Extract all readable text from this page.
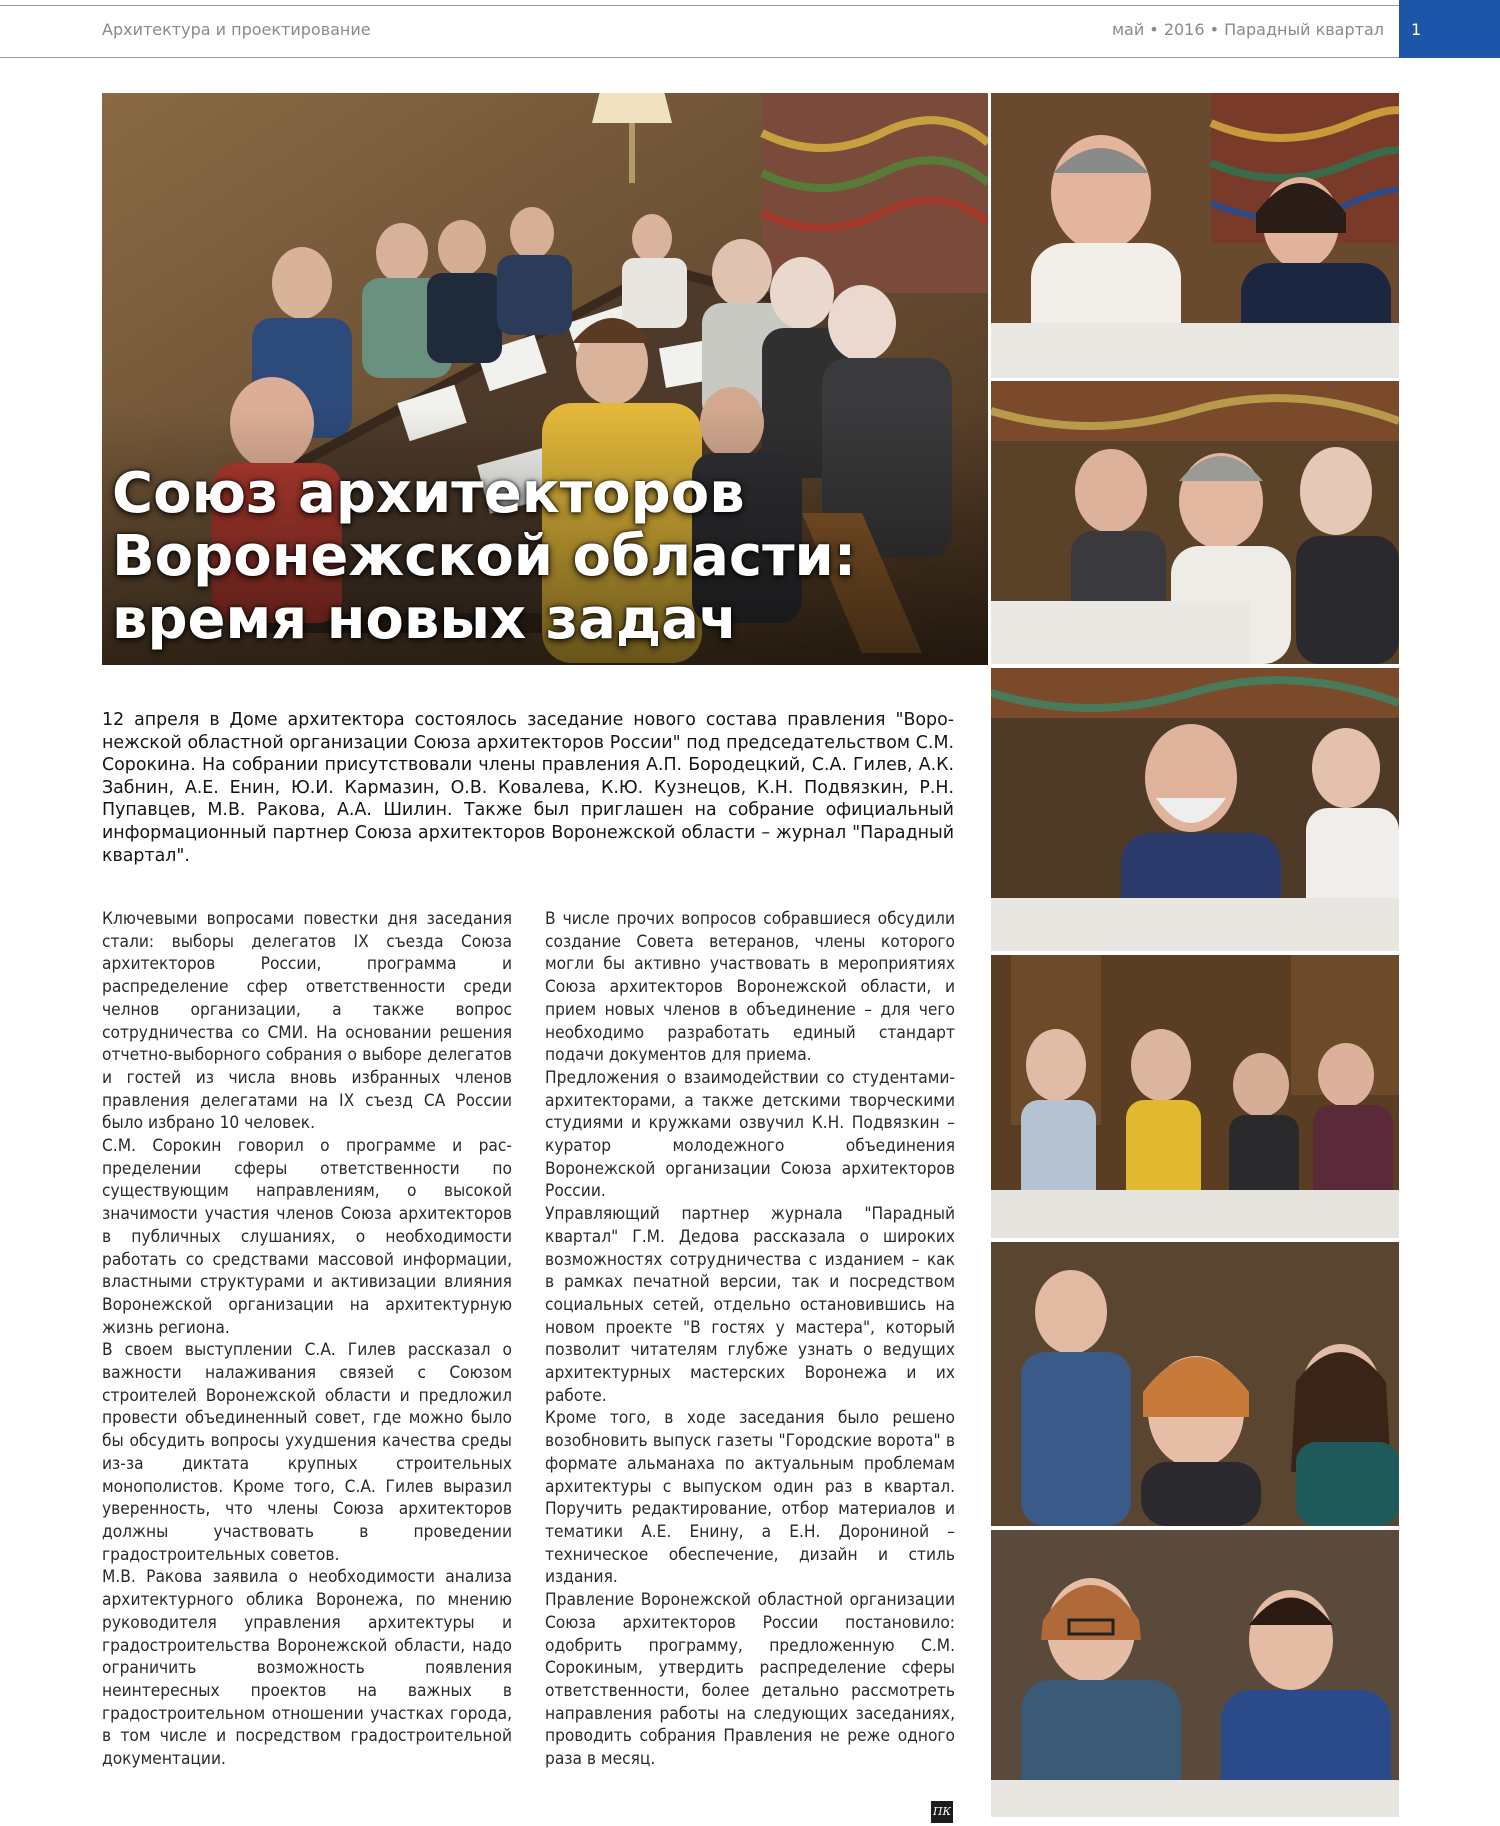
Архитектура и проектирование	май • 2016 • Парадный квартал 1
Союз архитекторов
Воронежской области:
время новых задач

12 апреля в Доме архитектора состоялось заседание нового состава правления "Воронежской областной организации Союза архитекторов России" под председательством С.М. Сорокина. На собрании присутствовали члены правления А.П. Бородецкий, С.А. Гилев, А.К. Забнин, А.Е. Енин, Ю.И. Кармазин, О.В. Ковалева, К.Ю. Кузнецов, К.Н. Подвязкин, Р.Н. Пупавцев, М.В. Ракова, А.А. Шилин. Также был приглашен на собрание официальный информационный партнер Союза архитекторов Воронежской области – журнал "Парадный квартал".

Ключевыми вопросами повестки дня заседания стали: выборы делегатов IX съезда Союза архитекторов России, программа и распределение сфер ответственности среди челнов организации, а также вопрос сотрудничества со СМИ. На основании решения отчетно-выборного собрания о выборе делегатов и гостей из числа вновь избранных членов правления делегатами на IX съезд СА России было избрано 10 человек.

С.М. Сорокин говорил о программе и распределении сферы ответственности по существующим направлениям, о высокой значимости участия членов Союза архитекторов в публичных слушаниях, о необходимости работать со средствами массовой информации, властными структурами и активизации влияния Воронежской организации на архитектурную жизнь региона.

В своем выступлении С.А. Гилев рассказал о важности налаживания связей с Союзом строителей Воронежской области и предложил провести объединенный совет, где можно было бы обсудить вопросы ухудшения качества среды из-за диктата крупных строительных монополистов. Кроме того, С.А. Гилев выразил уверенность, что члены Союза архитекторов должны участвовать в проведении градостроительных советов.

М.В. Ракова заявила о необходимости анализа архитектурного облика Воронежа, по мнению руководителя управления архитектуры и градостроительства Воронежской области, надо ограничить возможность появления неинтересных проектов на важных в градостроительном отношении участках города, в том числе и посредством градостроительной документации.

В числе прочих вопросов собравшиеся обсудили создание Совета ветеранов, члены которого могли бы активно участвовать в мероприятиях Союза архитекторов Воронежской области, и прием новых членов в объединение – для чего необходимо разработать единый стандарт подачи документов для приема.

Предложения о взаимодействии со студентами-архитекторами, а также детскими творческими студиями и кружками озвучил К.Н. Подвязкин – куратор молодежного объединения Воронежской организации Союза архитекторов России.

Управляющий партнер журнала "Парадный квартал" Г.М. Дедова рассказала о широких возможностях сотрудничества с изданием – как в рамках печатной версии, так и посредством социальных сетей, отдельно остановившись на новом проекте "В гостях у мастера", который позволит читателям глубже узнать о ведущих архитектурных мастерских Воронежа и их работе.

Кроме того, в ходе заседания было решено возобновить выпуск газеты "Городские ворота" в формате альманаха по актуальным проблемам архитектуры с выпуском один раз в квартал. Поручить редактирование, отбор материалов и тематики А.Е. Енину, а Е.Н. Дорониной – техническое обеспечение, дизайн и стиль издания.

Правление Воронежской областной организации Союза архитекторов России постановило: одобрить программу, предложенную С.М. Сорокиным, утвердить распределение сферы ответственности, более детально рассмотреть направления работы на следующих заседаниях, проводить собрания Правления не реже одного раза в месяц.

ПК
